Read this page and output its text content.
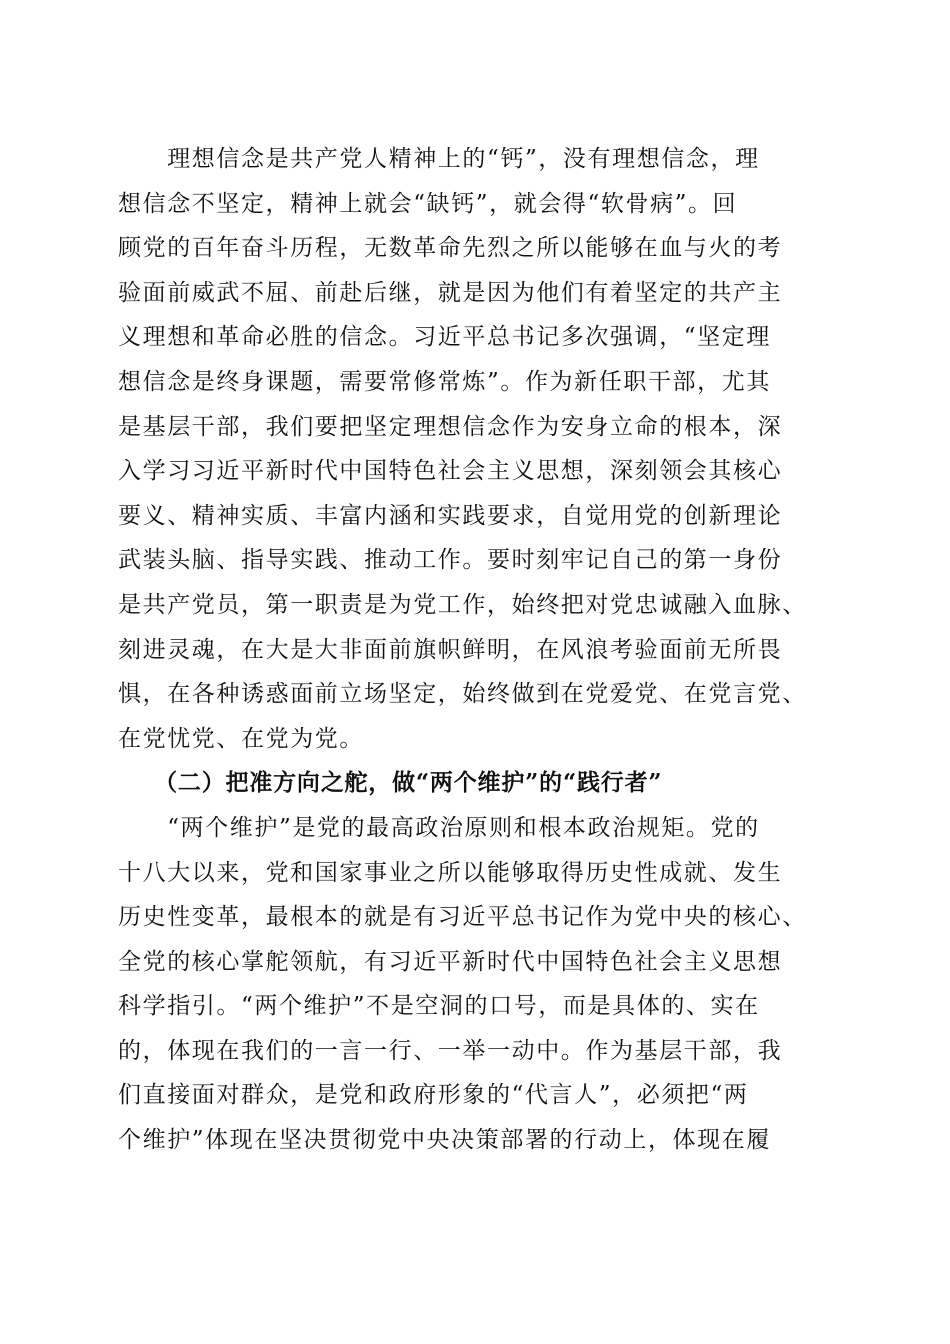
　　理想信念是共产党人精神上的“钙”，没有理想信念，理
想信念不坚定，精神上就会“缺钙”，就会得“软骨病”。回
顾党的百年奋斗历程，无数革命先烈之所以能够在血与火的考
验面前威武不屈、前赴后继，就是因为他们有着坚定的共产主
义理想和革命必胜的信念。习近平总书记多次强调，“坚定理
想信念是终身课题，需要常修常炼”。作为新任职干部，尤其
是基层干部，我们要把坚定理想信念作为安身立命的根本，深
入学习习近平新时代中国特色社会主义思想，深刻领会其核心
要义、精神实质、丰富内涵和实践要求，自觉用党的创新理论
武装头脑、指导实践、推动工作。要时刻牢记自己的第一身份
是共产党员，第一职责是为党工作，始终把对党忠诚融入血脉、
刻进灵魂，在大是大非面前旗帜鲜明，在风浪考验面前无所畏
惧，在各种诱惑面前立场坚定，始终做到在党爱党、在党言党、
在党忧党、在党为党。
　　（二）把准方向之舵，做“两个维护”的“践行者”
　　“两个维护”是党的最高政治原则和根本政治规矩。党的
十八大以来，党和国家事业之所以能够取得历史性成就、发生
历史性变革，最根本的就是有习近平总书记作为党中央的核心、
全党的核心掌舵领航，有习近平新时代中国特色社会主义思想
科学指引。“两个维护”不是空洞的口号，而是具体的、实在
的，体现在我们的一言一行、一举一动中。作为基层干部，我
们直接面对群众，是党和政府形象的“代言人”，必须把“两
个维护”体现在坚决贯彻党中央决策部署的行动上，体现在履
